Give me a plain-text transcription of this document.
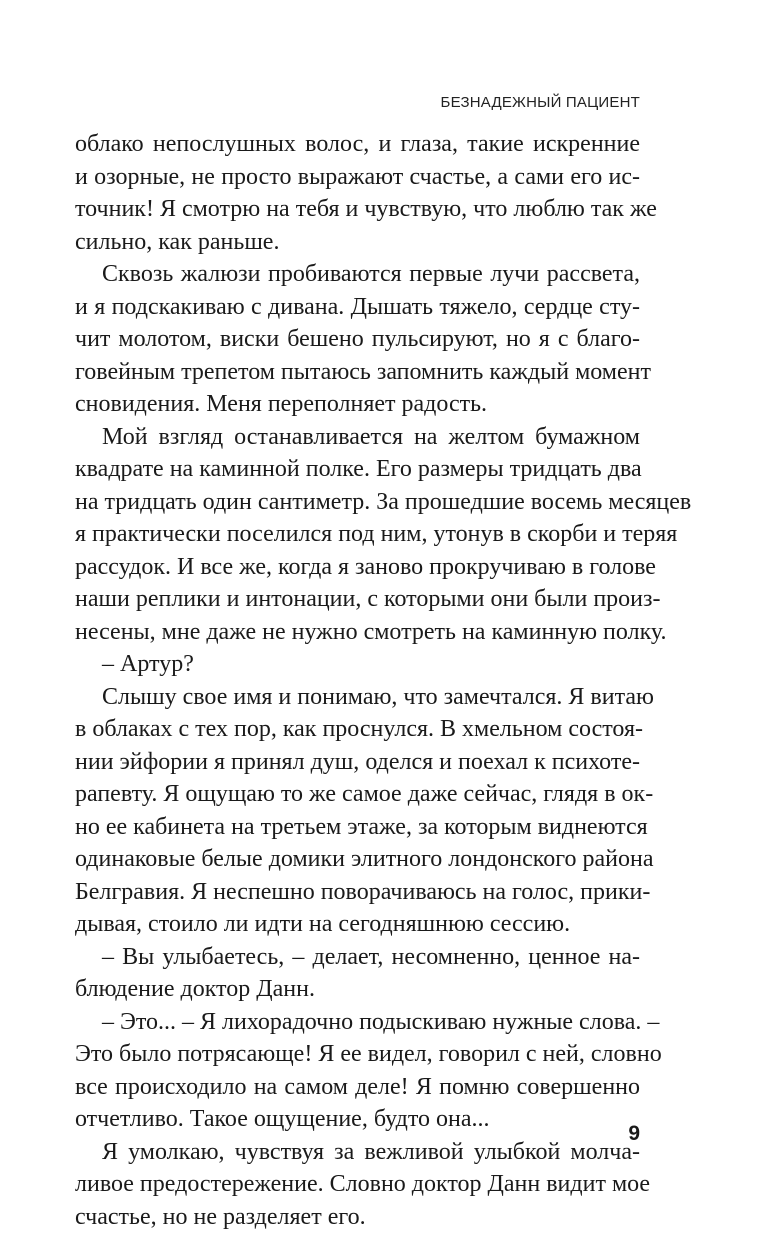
БЕЗНАДЕЖНЫЙ ПАЦИЕНТ
облако непослушных волос, и глаза, такие искренние
и озорные, не просто выражают счастье, а сами его ис-
точник! Я смотрю на тебя и чувствую, что люблю так же
сильно, как раньше.
Сквозь жалюзи пробиваются первые лучи рассвета,
и я подскакиваю с дивана. Дышать тяжело, сердце сту-
чит молотом, виски бешено пульсируют, но я с благо-
говейным трепетом пытаюсь запомнить каждый момент
сновидения. Меня переполняет радость.
Мой взгляд останавливается на желтом бумажном
квадрате на каминной полке. Его размеры тридцать два
на тридцать один сантиметр. За прошедшие восемь месяцев
я практически поселился под ним, утонув в скорби и теряя
рассудок. И все же, когда я заново прокручиваю в голове
наши реплики и интонации, с которыми они были произ-
несены, мне даже не нужно смотреть на каминную полку.
– Артур?
Слышу свое имя и понимаю, что замечтался. Я витаю
в облаках с тех пор, как проснулся. В хмельном состоя-
нии эйфории я принял душ, оделся и поехал к психоте-
рапевту. Я ощущаю то же самое даже сейчас, глядя в ок-
но ее кабинета на третьем этаже, за которым виднеются
одинаковые белые домики элитного лондонского района
Белгравия. Я неспешно поворачиваюсь на голос, прики-
дывая, стоило ли идти на сегодняшнюю сессию.
– Вы улыбаетесь, – делает, несомненно, ценное на-
блюдение доктор Данн.
– Это... – Я лихорадочно подыскиваю нужные слова. –
Это было потрясающе! Я ее видел, говорил с ней, словно
все происходило на самом деле! Я помню совершенно
отчетливо. Такое ощущение, будто она...
Я умолкаю, чувствуя за вежливой улыбкой молча-
ливое предостережение. Словно доктор Данн видит мое
счастье, но не разделяет его.
9
